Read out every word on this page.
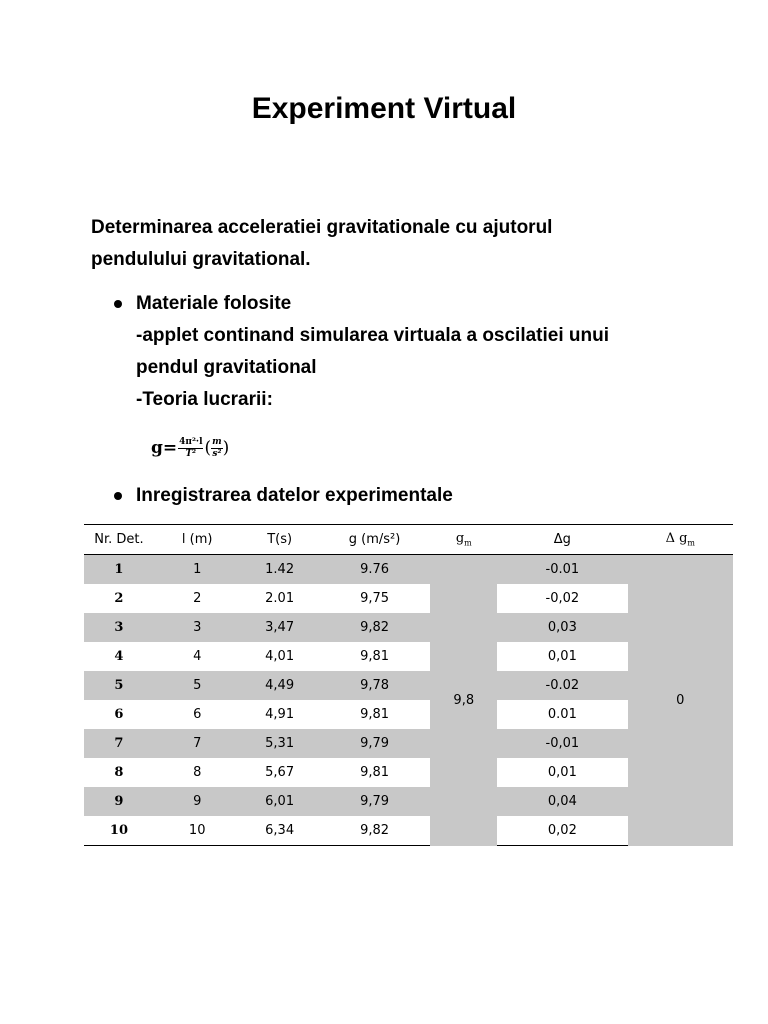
Experiment Virtual

Determinarea acceleratiei gravitationale cu ajutorul pendulului gravitational.

Materiale folosite
-applet continand simularea virtuala a oscilatiei unui
pendul gravitational
-Teoria lucrarii:
$g= \frac{\text{4π²·l}}{\text{T²}}$ ( $\frac{m}{\text{s²}}$ )
Inregistrarea datelor experimentale
Nr. Det.	l (m)	T(s)	g (m/s²)	$g_m$	Δg	Δ $g_m$
1	1	1.42	9.76	9,8	-0.01	0
2	2	2.01	9,75		-0,02	
3	3	3,47	9,82		0,03	
4	4	4,01	9,81		0,01	
5	5	4,49	9,78		-0.02	
6	6	4,91	9,81		0.01	
7	7	5,31	9,79		-0,01	
8	8	5,67	9,81		0,01	
9	9	6,01	9,79		0,04	
10	10	6,34	9,82		0,02	
